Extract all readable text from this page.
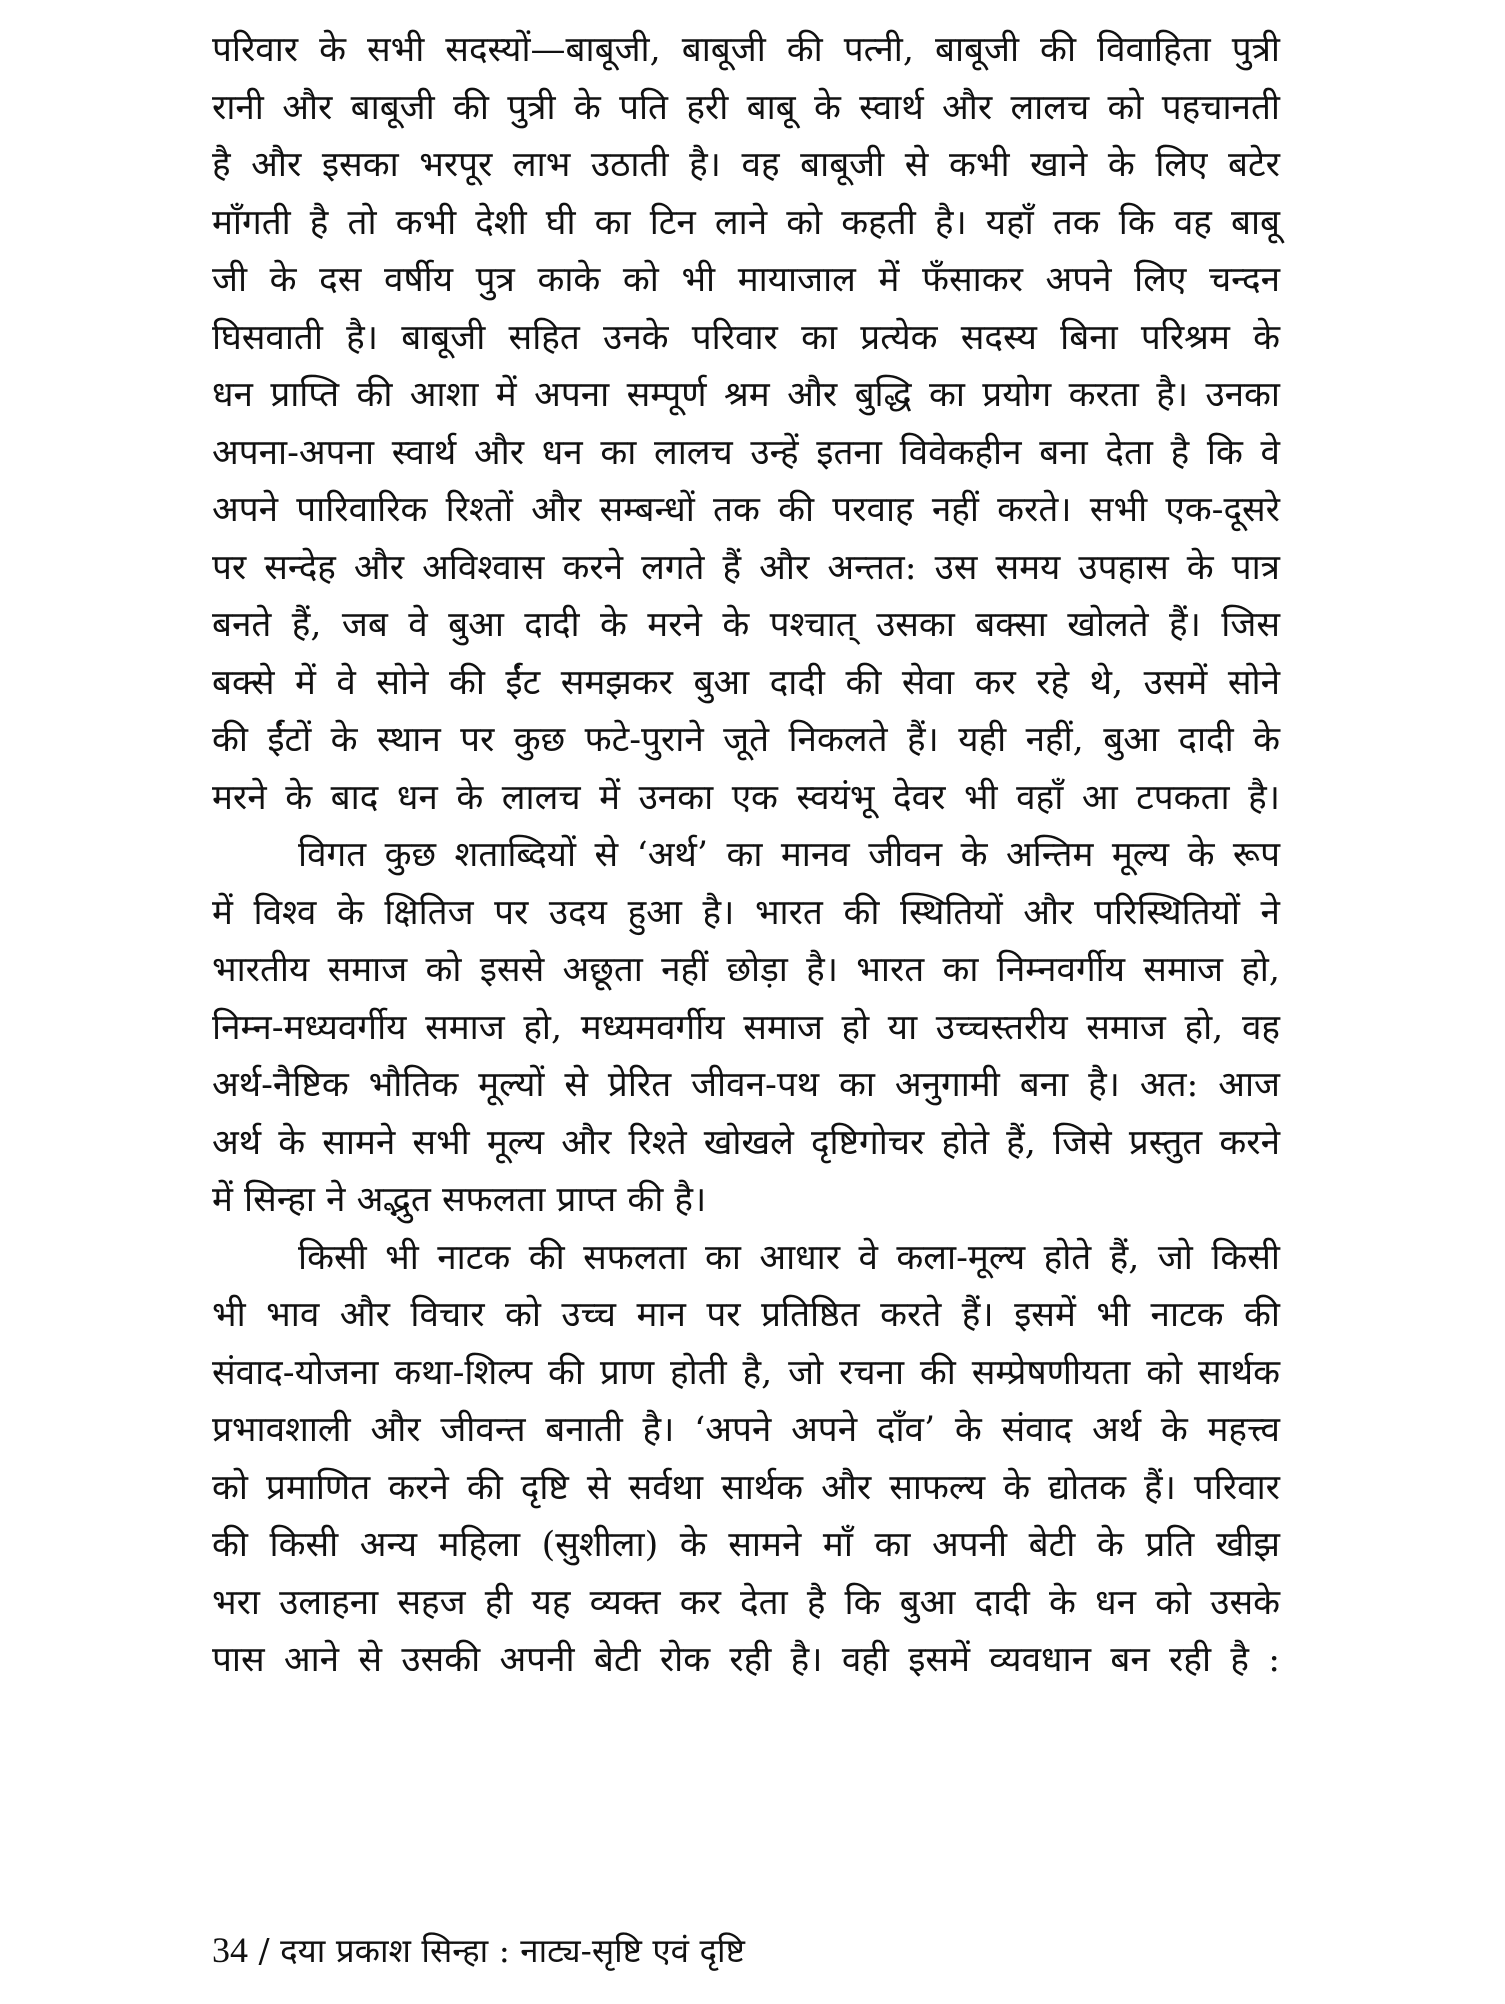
परिवार के सभी सदस्यों—बाबूजी, बाबूजी की पत्नी, बाबूजी की विवाहिता पुत्री
रानी और बाबूजी की पुत्री के पति हरी बाबू के स्वार्थ और लालच को पहचानती
है और इसका भरपूर लाभ उठाती है। वह बाबूजी से कभी खाने के लिए बटेर
माँगती है तो कभी देशी घी का टिन लाने को कहती है। यहाँ तक कि वह बाबू
जी के दस वर्षीय पुत्र काके को भी मायाजाल में फँसाकर अपने लिए चन्दन
घिसवाती है। बाबूजी सहित उनके परिवार का प्रत्येक सदस्य बिना परिश्रम के
धन प्राप्ति की आशा में अपना सम्पूर्ण श्रम और बुद्धि का प्रयोग करता है। उनका
अपना-अपना स्वार्थ और धन का लालच उन्हें इतना विवेकहीन बना देता है कि वे
अपने पारिवारिक रिश्तों और सम्बन्धों तक की परवाह नहीं करते। सभी एक-दूसरे
पर सन्देह और अविश्वास करने लगते हैं और अन्तत: उस समय उपहास के पात्र
बनते हैं, जब वे बुआ दादी के मरने के पश्चात् उसका बक्सा खोलते हैं। जिस
बक्से में वे सोने की ईंट समझकर बुआ दादी की सेवा कर रहे थे, उसमें सोने
की ईंटों के स्थान पर कुछ फटे-पुराने जूते निकलते हैं। यही नहीं, बुआ दादी के
मरने के बाद धन के लालच में उनका एक स्वयंभू देवर भी वहाँ आ टपकता है।
विगत कुछ शताब्दियों से ‘अर्थ’ का मानव जीवन के अन्तिम मूल्य के रूप
में विश्व के क्षितिज पर उदय हुआ है। भारत की स्थितियों और परिस्थितियों ने
भारतीय समाज को इससे अछूता नहीं छोड़ा है। भारत का निम्नवर्गीय समाज हो,
निम्न-मध्यवर्गीय समाज हो, मध्यमवर्गीय समाज हो या उच्चस्तरीय समाज हो, वह
अर्थ-नैष्टिक भौतिक मूल्यों से प्रेरित जीवन-पथ का अनुगामी बना है। अत: आज
अर्थ के सामने सभी मूल्य और रिश्ते खोखले दृष्टिगोचर होते हैं, जिसे प्रस्तुत करने
में सिन्हा ने अद्भुत सफलता प्राप्त की है।
किसी भी नाटक की सफलता का आधार वे कला-मूल्य होते हैं, जो किसी
भी भाव और विचार को उच्च मान पर प्रतिष्ठित करते हैं। इसमें भी नाटक की
संवाद-योजना कथा-शिल्प की प्राण होती है, जो रचना की सम्प्रेषणीयता को सार्थक
प्रभावशाली और जीवन्त बनाती है। ‘अपने अपने दाँव’ के संवाद अर्थ के महत्त्व
को प्रमाणित करने की दृष्टि से सर्वथा सार्थक और साफल्य के द्योतक हैं। परिवार
की किसी अन्य महिला (सुशीला) के सामने माँ का अपनी बेटी के प्रति खीझ
भरा उलाहना सहज ही यह व्यक्त कर देता है कि बुआ दादी के धन को उसके
पास आने से उसकी अपनी बेटी रोक रही है। वही इसमें व्यवधान बन रही है :
34 / दया प्रकाश सिन्हा : नाट्य-सृष्टि एवं दृष्टि
